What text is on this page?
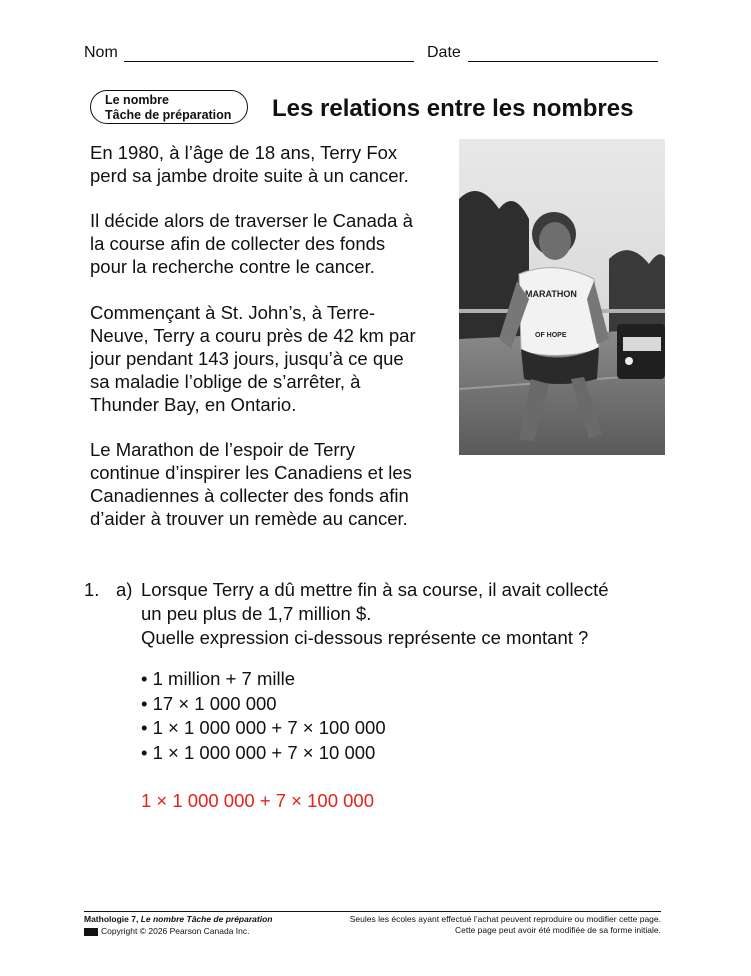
Nom	Date
Le nombre
Tâche de préparation	Les relations entre les nombres
En 1980, à l’âge de 18 ans, Terry Fox
perd sa jambe droite suite à un cancer.
Il décide alors de traverser le Canada à
la course afin de collecter des fonds
pour la recherche contre le cancer.
Commençant à St. John’s, à Terre-
Neuve, Terry a couru près de 42 km par
jour pendant 143 jours, jusqu’à ce que
sa maladie l’oblige de s’arrêter, à
Thunder Bay, en Ontario.
Le Marathon de l’espoir de Terry
continue d’inspirer les Canadiens et les
Canadiennes à collecter des fonds afin
d’aider à trouver un remède au cancer.
MARATHON
OF HOPE
1. a) Lorsque Terry a dû mettre fin à sa course, il avait collecté
un peu plus de 1,7 million $.
Quelle expression ci-dessous représente ce montant ?
• 1 million + 7 mille
• 17 × 1 000 000
• 1 × 1 000 000 + 7 × 100 000
• 1 × 1 000 000 + 7 × 10 000
1 × 1 000 000 + 7 × 100 000
Mathologie 7, Le nombre Tâche de préparation
Copyright © 2026 Pearson Canada Inc.
Seules les écoles ayant effectué l’achat peuvent reproduire ou modifier cette page.
Cette page peut avoir été modifiée de sa forme initiale.
